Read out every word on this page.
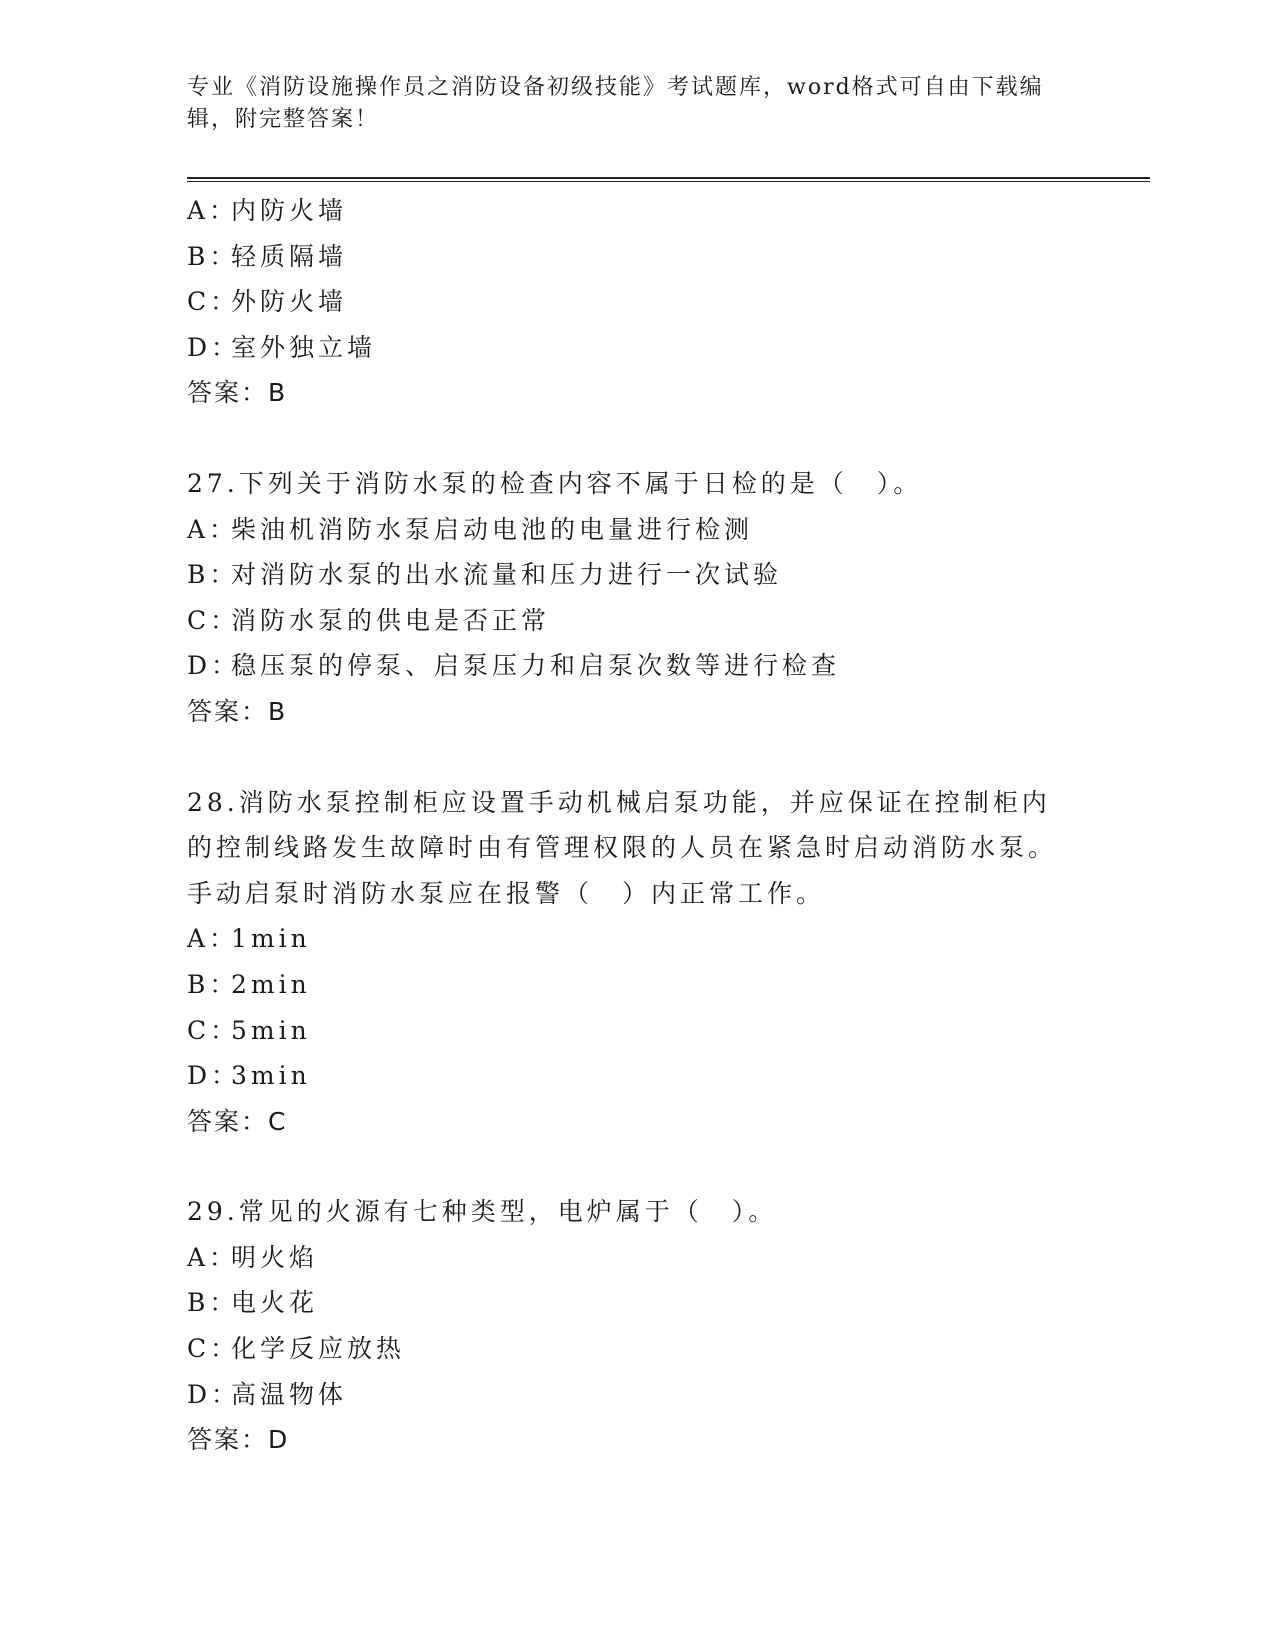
专业《消防设施操作员之消防设备初级技能》考试题库，word格式可自由下载编辑，附完整答案！
A：内防火墙
B：轻质隔墙
C：外防火墙
D：室外独立墙
答案：B
27.下列关于消防水泵的检查内容不属于日检的是（　）。
A：柴油机消防水泵启动电池的电量进行检测
B：对消防水泵的出水流量和压力进行一次试验
C：消防水泵的供电是否正常
D：稳压泵的停泵、启泵压力和启泵次数等进行检查
答案：B
28.消防水泵控制柜应设置手动机械启泵功能，并应保证在控制柜内的控制线路发生故障时由有管理权限的人员在紧急时启动消防水泵。手动启泵时消防水泵应在报警（　）内正常工作。
A：1min
B：2min
C：5min
D：3min
答案：C
29.常见的火源有七种类型，电炉属于（　）。
A：明火焰
B：电火花
C：化学反应放热
D：高温物体
答案：D
